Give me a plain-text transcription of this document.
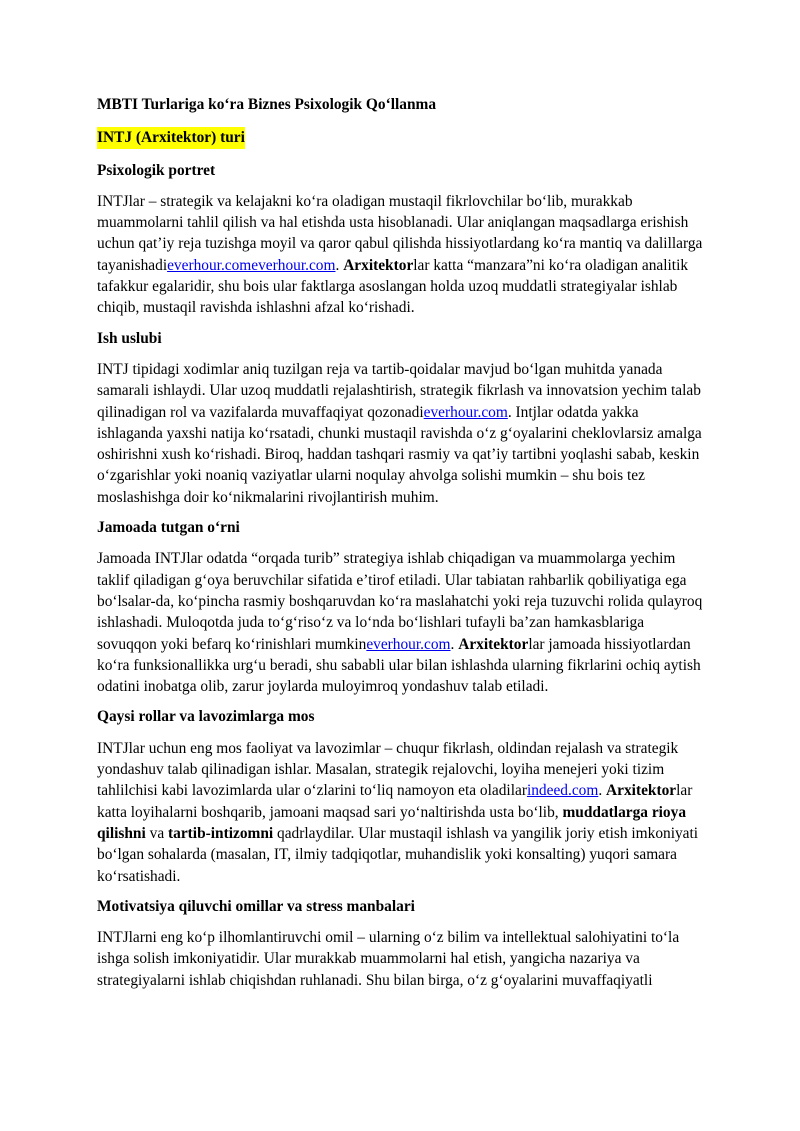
MBTI Turlariga ko‘ra Biznes Psixologik Qo‘llanma
INTJ (Arxitektor) turi
Psixologik portret

INTJlar – strategik va kelajakni ko‘ra oladigan mustaqil fikrlovchilar bo‘lib, murakkab muammolarni tahlil qilish va hal etishda usta hisoblanadi. Ular aniqlangan maqsadlarga erishish uchun qat’iy reja tuzishga moyil va qaror qabul qilishda hissiyotlardang ko‘ra mantiq va dalillarga tayanishadieverhour.comeverhour.com. Arxitektorlar katta “manzara”ni ko‘ra oladigan analitik tafakkur egalaridir, shu bois ular faktlarga asoslangan holda uzoq muddatli strategiyalar ishlab chiqib, mustaqil ravishda ishlashni afzal ko‘rishadi.

Ish uslubi

INTJ tipidagi xodimlar aniq tuzilgan reja va tartib-qoidalar mavjud bo‘lgan muhitda yanada samarali ishlaydi. Ular uzoq muddatli rejalashtirish, strategik fikrlash va innovatsion yechim talab qilinadigan rol va vazifalarda muvaffaqiyat qozonadieverhour.com. Intjlar odatda yakka ishlaganda yaxshi natija ko‘rsatadi, chunki mustaqil ravishda o‘z g‘oyalarini cheklovlarsiz amalga oshirishni xush ko‘rishadi. Biroq, haddan tashqari rasmiy va qat’iy tartibni yoqlashi sabab, keskin o‘zgarishlar yoki noaniq vaziyatlar ularni noqulay ahvolga solishi mumkin – shu bois tez moslashishga doir ko‘nikmalarini rivojlantirish muhim.

Jamoada tutgan o‘rni

Jamoada INTJlar odatda “orqada turib” strategiya ishlab chiqadigan va muammolarga yechim taklif qiladigan g‘oya beruvchilar sifatida e’tirof etiladi. Ular tabiatan rahbarlik qobiliyatiga ega bo‘lsalar-da, ko‘pincha rasmiy boshqaruvdan ko‘ra maslahatchi yoki reja tuzuvchi rolida qulayroq ishlashadi. Muloqotda juda to‘g‘riso‘z va lo‘nda bo‘lishlari tufayli ba’zan hamkasblariga sovuqqon yoki befarq ko‘rinishlari mumkineverhour.com. Arxitektorlar jamoada hissiyotlardan ko‘ra funksionallikka urg‘u beradi, shu sababli ular bilan ishlashda ularning fikrlarini ochiq aytish odatini inobatga olib, zarur joylarda muloyimroq yondashuv talab etiladi.

Qaysi rollar va lavozimlarga mos

INTJlar uchun eng mos faoliyat va lavozimlar – chuqur fikrlash, oldindan rejalash va strategik yondashuv talab qilinadigan ishlar. Masalan, strategik rejalovchi, loyiha menejeri yoki tizim tahlilchisi kabi lavozimlarda ular o‘zlarini to‘liq namoyon eta oladilarindeed.com. Arxitektorlar katta loyihalarni boshqarib, jamoani maqsad sari yo‘naltirishda usta bo‘lib, muddatlarga rioya qilishni va tartib-intizomni qadrlaydilar. Ular mustaqil ishlash va yangilik joriy etish imkoniyati bo‘lgan sohalarda (masalan, IT, ilmiy tadqiqotlar, muhandislik yoki konsalting) yuqori samara ko‘rsatishadi.

Motivatsiya qiluvchi omillar va stress manbalari

INTJlarni eng ko‘p ilhomlantiruvchi omil – ularning o‘z bilim va intellektual salohiyatini to‘la ishga solish imkoniyatidir. Ular murakkab muammolarni hal etish, yangicha nazariya va strategiyalarni ishlab chiqishdan ruhlanadi. Shu bilan birga, o‘z g‘oyalarini muvaffaqiyatli
